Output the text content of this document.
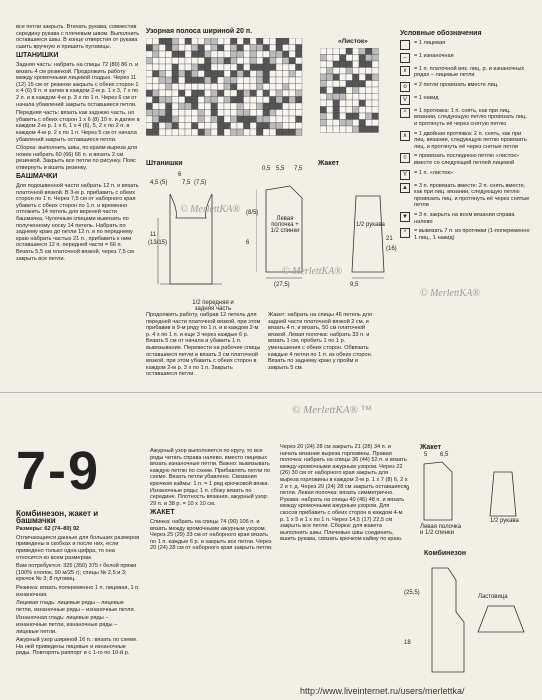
все петли закрыть. Втачать рукава, совместив середину рукава с плечевым швом. Выполнить оставшиеся швы. В конце отверстия от рукава сшить вручную и пришить пуговицы.

ШТАНИШКИ

Задняя часть: набрать на спицы 72 (80) 86 п. и вязать 4 см резинкой. Продолжить работу между кромочными лицевой гладью. Через 11 (12) 15 см от резинки закрыть с обеих сторон 1 х 4 (6) 9 п. и затем в каждом 2-м р. 1 х 3, 7 х по 2 п. и в каждом 4-м р. 3 х по 1 п. Через 6 см от начала убавлений закрыть оставшиеся петли.

Передняя часть: вязать как заднюю часть, но убавить с обеих сторон 1 х 6 (8) 10 п. и далее в каждом 2-м р. 1 х 6, 1 х 4 (6), 5, 2 х по 2 п. в каждом 4-м р. 2 х по 1 п. Через 5 см от начала убавлений закрыть оставшиеся петли.

Сборка: выполнить швы, по краям выреза для ножек набрать 60 (66) 66 п. и вязать 2 см резинкой. Закрыть все петли по рисунку. Пояс отвернуть и вшить резинку.

БАШМАЧКИ

Для подошвенной части набрать 12 п. и вязать платочной вязкой. В 3-м р. прибавить с обеих сторон по 1 п. Через 7,5 см от наборного края убавить с обеих сторон по 1 п. и временно отложить 14 петель для верхней части башмачка. Чулочным спицами вывязать по полученному носку 14 петель. Набрать по заднему краю до петли 12 п. и по переднему краю набрать частью 21 п., прибавить к ним оставшиеся 12 п. передней части = 66 п. Вязать 5,5 см платочной вязкой, через 7,5 см закрыть все петли.

Узорная полоса шириной 20 п.
«Листок»
Условные обозначения
= 1 лицевая
–	= 1 изнаночная
x	= 1 п. платочной вяз. лиц. р. и изнаночных рядах – лицевые петли
o	= 2 петли провязать вместе лиц.
V	= 1 накид
^	= 1 протяжка: 1 п. снять, как при лиц. вязании, следующую петлю провязать лиц. и протянуть её через снятую петлю
∧	= 1 двойная протяжка: 2 п. снять, как при лиц. вязании, следующую петлю провязать лиц. и протянуть её через снятые петли
◊	= провязать последнюю петлю «листок» вместе со следующей петлей лицевой
Y	= 1 п. «листок»
▲	= 3 п. провязать вместе: 2 п. снять вместе, как при лиц. вязании, следующую петлю провязать лиц. и протянуть её через снятые петли
▼	= 3 п. закрыть на всем вязании справа налево
*	= вывязать 7 п. из протяжки (1-попеременно 1 лиц., 1 накид)
Штанишки
4,5 (5) 7,5 (7,5)
6
11
(13/15)
1/2 передняя и задняя часть
Жакет
0,5 5,5 7,5
(8/5)
6
Левая полочка + 1/2 спинки
1/2 рукава
21
(16)
9,5
(27,5)
© MerlettKA®
© MerlettKA®
© MerlettKA®
© MerlettKA® ™

Продолжить работу, набрав 12 петель для передней части платочной вязкой, при этом прибавив в 9-м ряду по 1 п. и в каждом 2-м р. 4 х по 1 п. и еще 3 через каждые 6 р. Вязать 5 см от начала и убавить 1 п. вывязывание. Перевести на рабочие спицы оставшиеся петли и вязать 3 см платочной вязкой, при этом убавить с обеих сторон в каждом 2-м р. 3 х по 1 п. Закрыть оставшиеся петли.

Жакет: набрать на спицы 46 петель для задней части платочной вязкой 2 см, и вязать 4 п. и вязать, 50 см платочной вязкой. Левая полочка: набрать 33 п. и вязать 1 см, пробить 1 по 1 р. уменьшения с обеих сторон. Обвязать каждые 4 петли по 1 п. из обеих сторон. Вязать по заднему краю у пройм и закрыть 5 см.

7-9
Комбинезон, жакет и башмачки

Размеры: 62 (74–80) 92

Отличающиеся данные для больших размеров приведены в скобках и после них, если приведено только одна цифра, то она относится ко всем размерам.

Вам потребуется: 325 (350) 375 г белой пряжи (100% хлопок, 90 м/25 г); спицы № 2,5 и 3; крючок № 3; 8 пуговиц.

Резинка: вязать попеременно 1 п. лицевая, 1 п. изнаночная.

Лицевая гладь: лицевые ряды – лицевые петли, изнаночные ряды – изнаночные петли.

Изнаночная гладь: лицевые ряды – изнаночные петли, изнаночные ряды – лицевые петли.

Ажурный узор шириной 16 п.: вязать по схеме. На ней приведены лицевые и изнаночные ряды. Повторять раппорт и с 1-го по 10-й р.

Ажурный узор выполняется по кругу, то все ряды читать справа налево, вместо лицевых вязать изнаночные петли. Важно: вывязывать каждую петлю по схеме. Прибавлять петли по схеме. Вязать петли убавлено. Связания крючком каймы: 1 п. = 1 ряд крючковой вязки. Изнаночные ряды: 1 п. сбоку вязать по середине. Плотность вязания, ажурный узор: 29 п. и 38 р. = 10 х 10 см.

ЖАКЕТ

Спинка: набрать на спицы 74 (90) 106 п. и вязать между кромочными ажурным узором. Через 25 (29) 33 см от наборного края вязать по 1 п. каждые 6 р. и закрыть все петли. Через 20 (24) 28 см от наборного края закрыть петли.

Через 20 (24) 28 см закрыть 21 (28) 34 п. и начать вязание выреза горловины. Правая полочка: набрать на спицы 36 (44) 52 п. и вязать между кромочными ажурным узором. Через 22 (26) 30 см от наборного края закрыть для выреза горловины в каждом 2-м р. 1 х 7 (8) 6, 2 х 2 и т. д. Через 20 (24) 28 см закрыть оставшиеся петли. Левая полочка: вязать симметрично. Рукава: набрать на спицы 40 (46) 48 п. и вязать между кромочными ажурным узором. Для скосов прибавить с обеих сторон в каждом 4-м р. 1 х 5 и 1 х по 1 п. Через 14,5 (17) 22,5 см закрыть все петли. Сборка: для жакета выполнить швы. Плечевые швы соединить, вшить рукава, связать крючком кайму по краю.

Жакет
Левая полочка и 1/2 спинки
1/2 рукава
5 6,5
9
Комбинезон
Ластовица
(25,5)
18
http://www.liveinternet.ru/users/merlettka/
